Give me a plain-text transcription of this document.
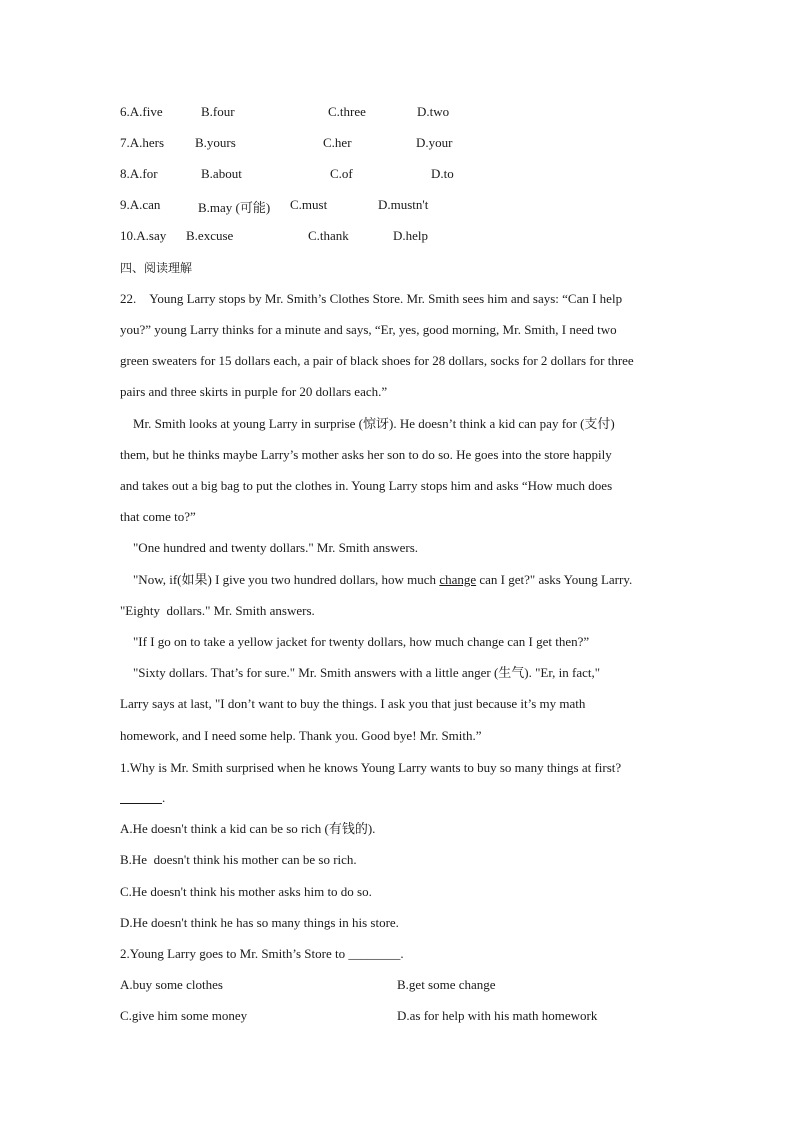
6.A.five	B.four	C.three	D.two
7.A.hers B.yours	C.her	D.your
8.A.for	B.about	C.of	D.to
9.A.can	B.may (可能) C.must	D.mustn't
10.A.say B.excuse	C.thank	D.help
四、阅读理解
22.    Young Larry stops by Mr. Smith’s Clothes Store. Mr. Smith sees him and says: “Can I help
you?” young Larry thinks for a minute and says, “Er, yes, good morning, Mr. Smith, I need two
green sweaters for 15 dollars each, a pair of black shoes for 28 dollars, socks for 2 dollars for three
pairs and three skirts in purple for 20 dollars each.”
Mr. Smith looks at young Larry in surprise (惊讶). He doesn’t think a kid can pay for (支付)
them, but he thinks maybe Larry’s mother asks her son to do so. He goes into the store happily
and takes out a big bag to put the clothes in. Young Larry stops him and asks “How much does
that come to?”
"One hundred and twenty dollars." Mr. Smith answers.
"Now, if(如果) I give you two hundred dollars, how much change can I get?" asks Young Larry.
"Eighty  dollars." Mr. Smith answers.
"If I go on to take a yellow jacket for twenty dollars, how much change can I get then?”
"Sixty dollars. That’s for sure." Mr. Smith answers with a little anger (生气). "Er, in fact,"
Larry says at last, "I don’t want to buy the things. I ask you that just because it’s my math
homework, and I need some help. Thank you. Good bye! Mr. Smith.”
1.Why is Mr. Smith surprised when he knows Young Larry wants to buy so many things at first?
.
A.He doesn't think a kid can be so rich (有钱的).
B.He  doesn't think his mother can be so rich.
C.He doesn't think his mother asks him to do so.
D.He doesn't think he has so many things in his store.
2.Young Larry goes to Mr. Smith’s Store to ________.
A.buy some clothes	B.get some change
C.give him some money	D.as for help with his math homework
